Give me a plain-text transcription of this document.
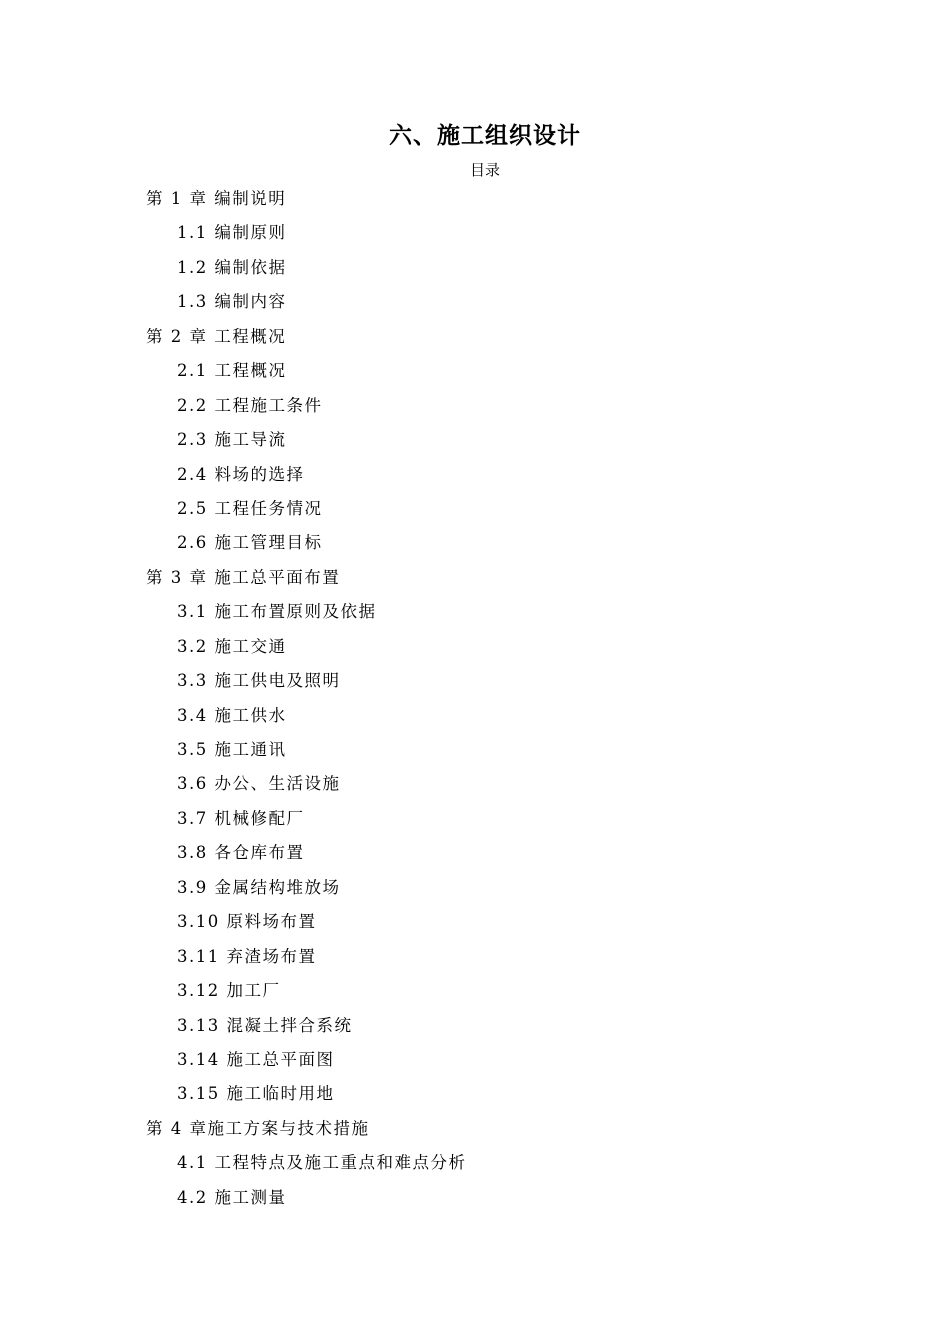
六、施工组织设计
目录
第 1 章 编制说明
1.1 编制原则
1.2 编制依据
1.3 编制内容
第 2 章 工程概况
2.1 工程概况
2.2 工程施工条件
2.3 施工导流
2.4 料场的选择
2.5 工程任务情况
2.6 施工管理目标
第 3 章 施工总平面布置
3.1 施工布置原则及依据
3.2 施工交通
3.3 施工供电及照明
3.4 施工供水
3.5 施工通讯
3.6 办公、生活设施
3.7 机械修配厂
3.8 各仓库布置
3.9 金属结构堆放场
3.10 原料场布置
3.11 弃渣场布置
3.12 加工厂
3.13 混凝土拌合系统
3.14 施工总平面图
3.15 施工临时用地
第 4 章施工方案与技术措施
4.1 工程特点及施工重点和难点分析
4.2 施工测量
